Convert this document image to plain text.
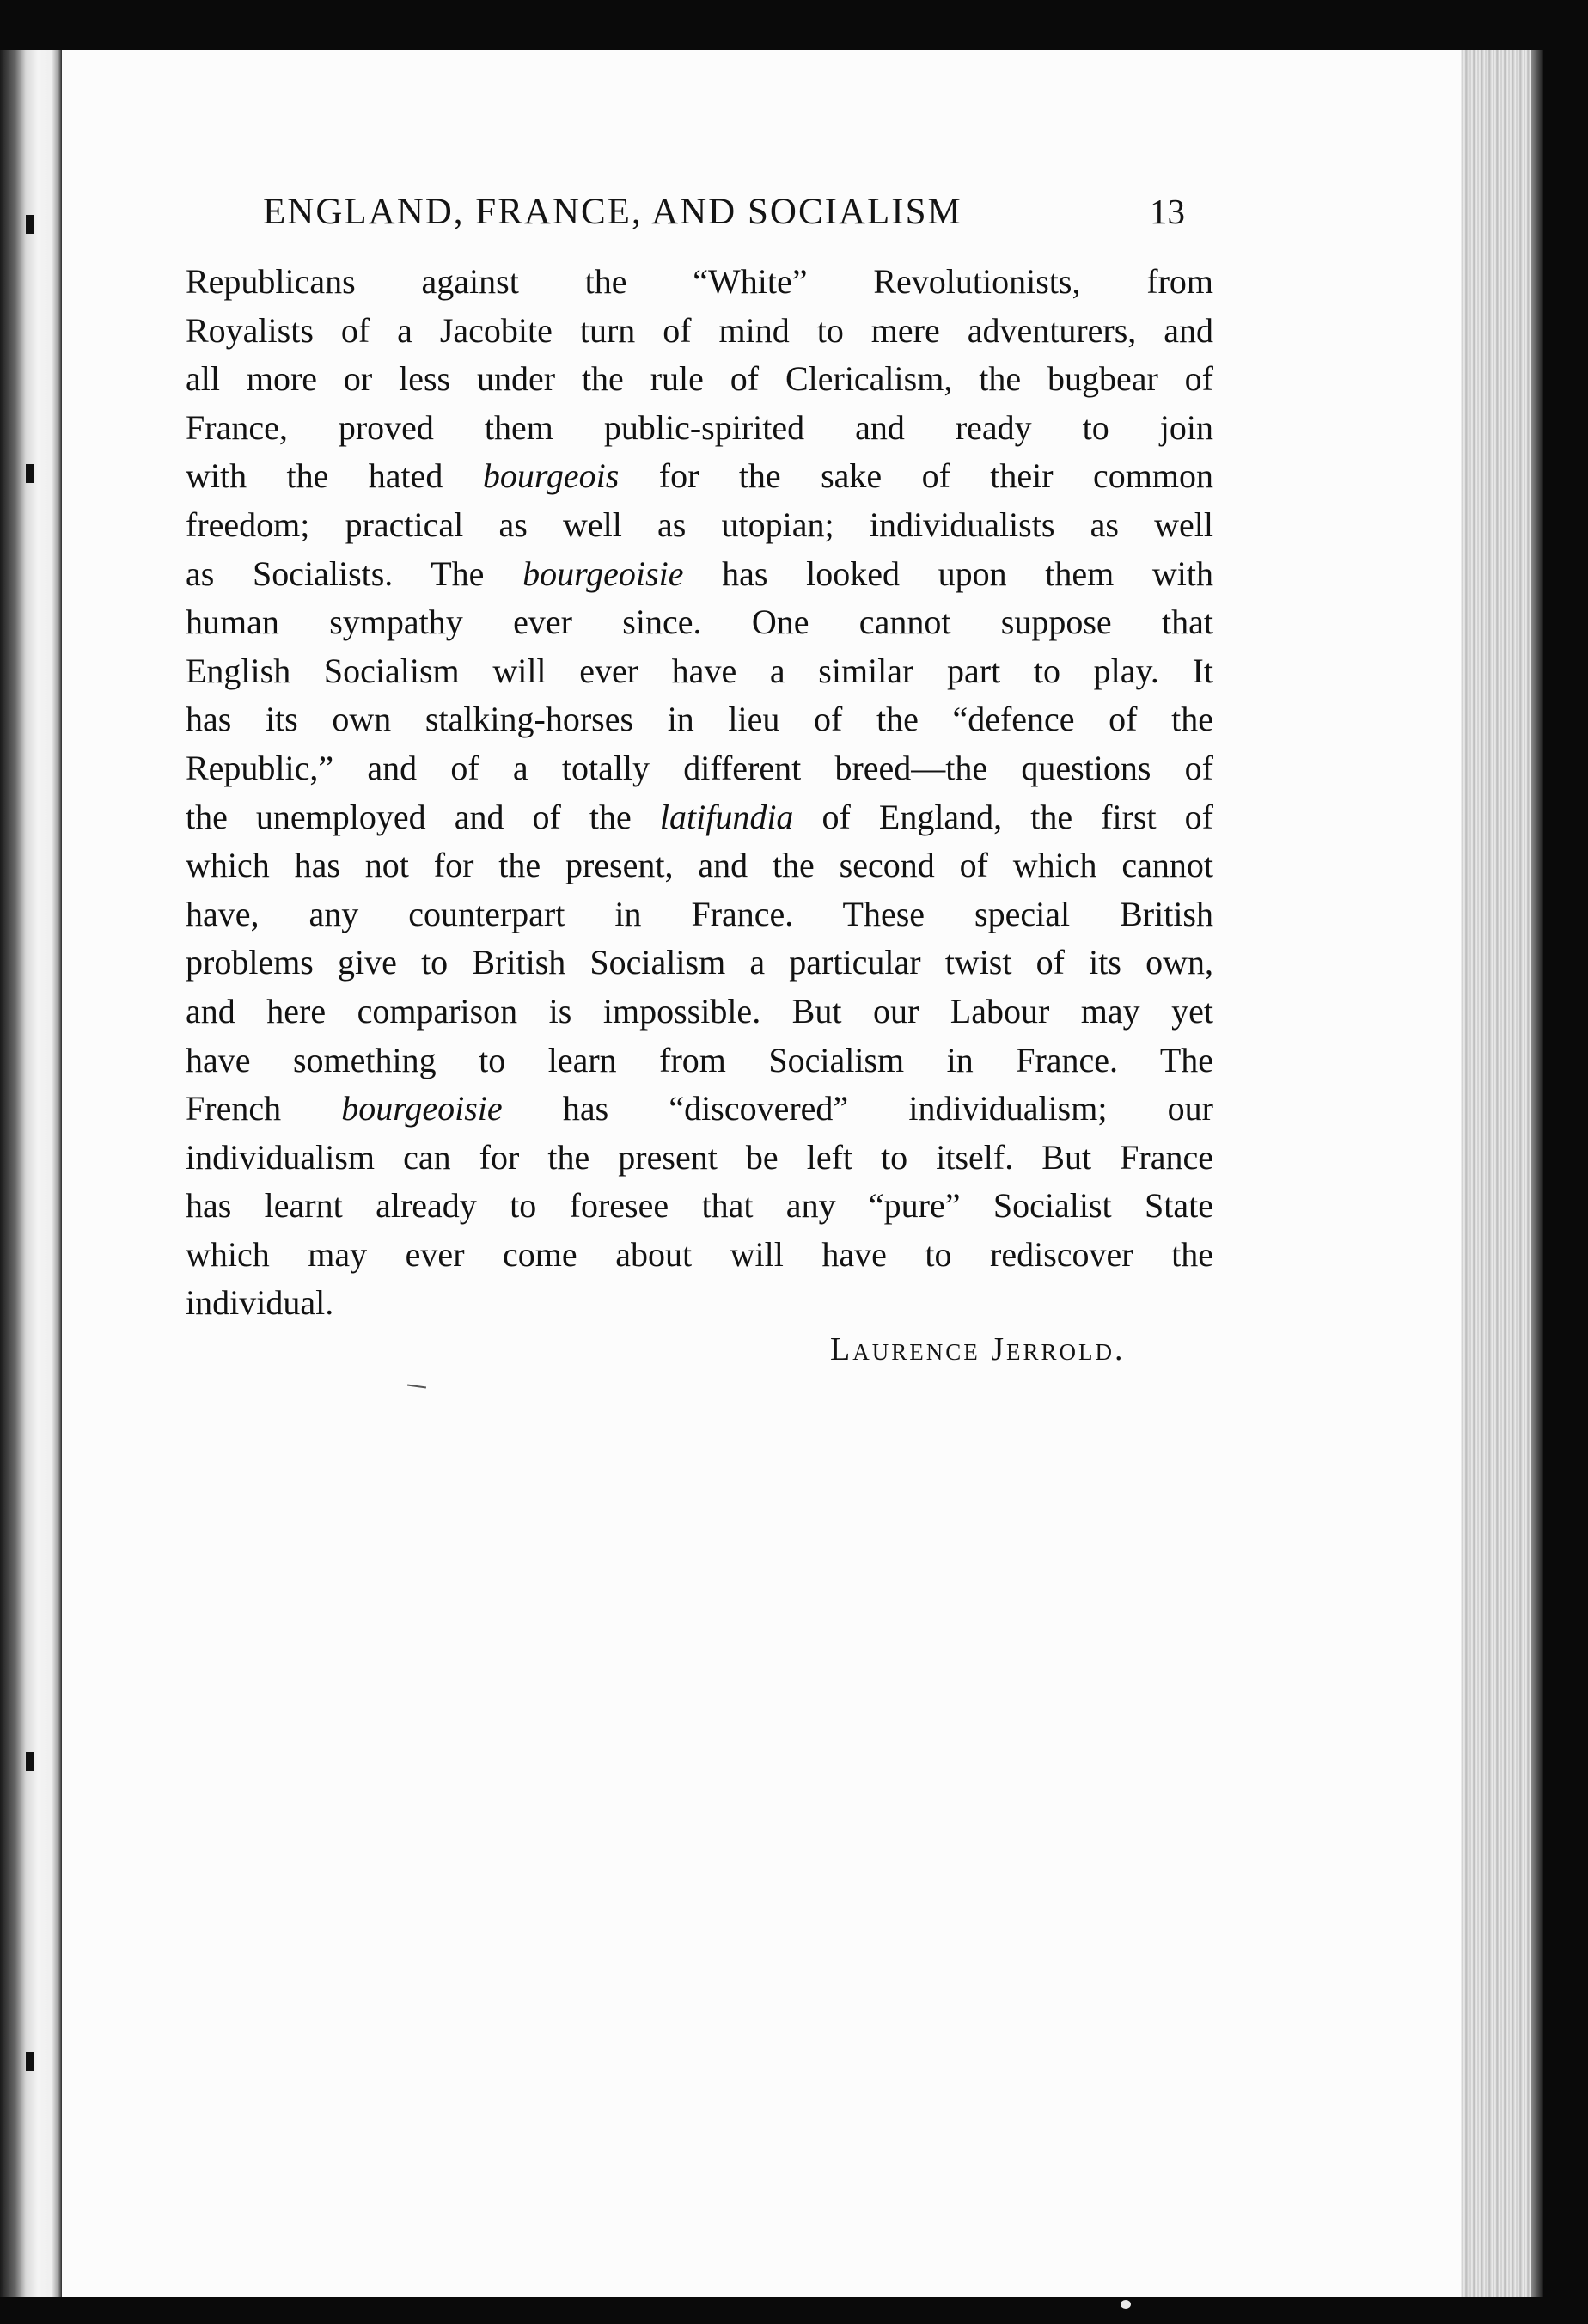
ENGLAND, FRANCE, AND SOCIALISM	13
Republicans against the “White” Revolutionists, from
Royalists of a Jacobite turn of mind to mere adventurers, and
all more or less under the rule of Clericalism, the bugbear of
France, proved them public-spirited and ready to join
with the hated bourgeois for the sake of their common
freedom; practical as well as utopian; individualists as well
as Socialists. The bourgeoisie has looked upon them with
human sympathy ever since. One cannot suppose that
English Socialism will ever have a similar part to play. It
has its own stalking-horses in lieu of the “defence of the
Republic,” and of a totally different breed—the questions of
the unemployed and of the latifundia of England, the first of
which has not for the present, and the second of which cannot
have, any counterpart in France. These special British
problems give to British Socialism a particular twist of its own,
and here comparison is impossible. But our Labour may yet
have something to learn from Socialism in France. The
French bourgeoisie has “discovered” individualism; our
individualism can for the present be left to itself. But France
has learnt already to foresee that any “pure” Socialist State
which may ever come about will have to rediscover the
individual.
Laurence Jerrold.
